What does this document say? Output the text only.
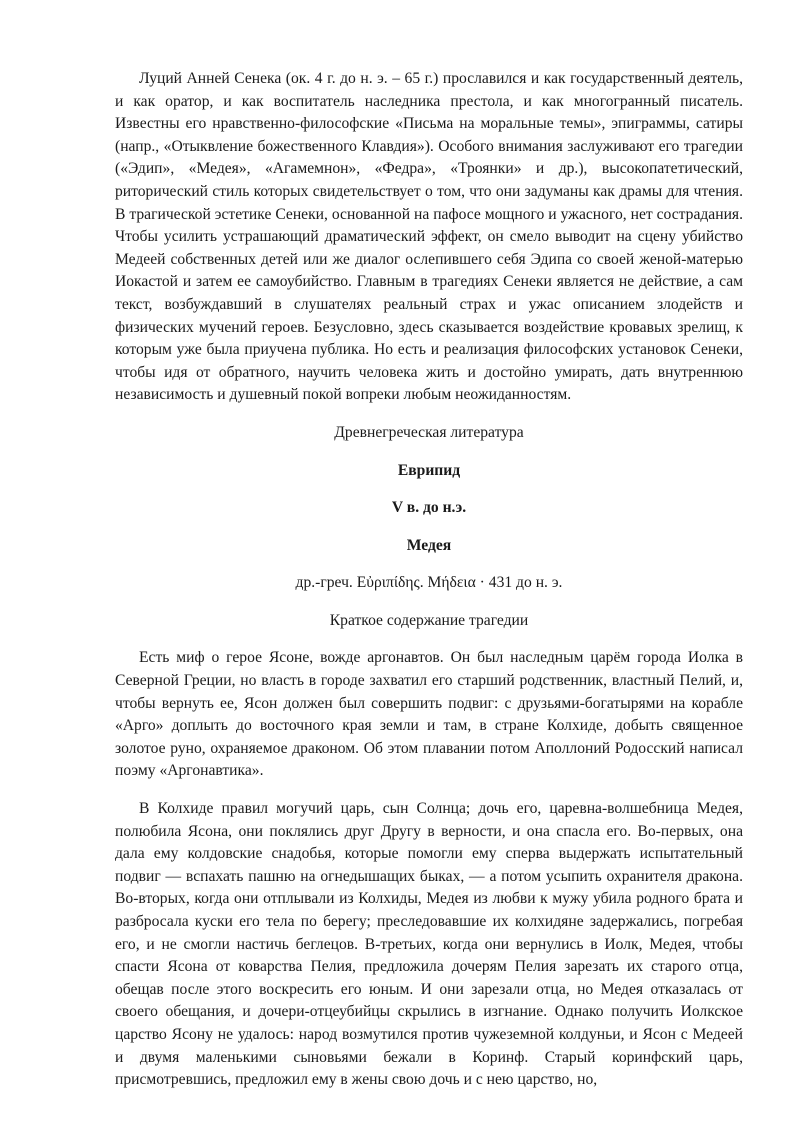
Луций Анней Сенека (ок. 4 г. до н. э. – 65 г.) прославился и как государственный деятель, и как оратор, и как воспитатель наследника престола, и как многогранный писатель. Известны его нравственно-философские «Письма на моральные темы», эпиграммы, сатиры (напр., «Отыквление божественного Клавдия»). Особого внимания заслуживают его трагедии («Эдип», «Медея», «Агамемнон», «Федра», «Троянки» и др.), высокопатетический, риторический стиль которых свидетельствует о том, что они задуманы как драмы для чтения. В трагической эстетике Сенеки, основанной на пафосе мощного и ужасного, нет сострадания. Чтобы усилить устрашающий драматический эффект, он смело выводит на сцену убийство Медеей собственных детей или же диалог ослепившего себя Эдипа со своей женой-матерью Иокастой и затем ее самоубийство. Главным в трагедиях Сенеки является не действие, а сам текст, возбуждавший в слушателях реальный страх и ужас описанием злодейств и физических мучений героев. Безусловно, здесь сказывается воздействие кровавых зрелищ, к которым уже была приучена публика. Но есть и реализация философских установок Сенеки, чтобы идя от обратного, научить человека жить и достойно умирать, дать внутреннюю независимость и душевный покой вопреки любым неожиданностям.

Древнегреческая литература

Еврипид

V в. до н.э.

Медея

др.-греч. Εὐριπίδης. Μήδεια · 431 до н. э.

Краткое содержание трагедии

Есть миф о герое Ясоне, вожде аргонавтов. Он был наследным царём города Иолка в Северной Греции, но власть в городе захватил его старший родственник, властный Пелий, и, чтобы вернуть ее, Ясон должен был совершить подвиг: с друзьями-богатырями на корабле «Арго» доплыть до восточного края земли и там, в стране Колхиде, добыть священное золотое руно, охраняемое драконом. Об этом плавании потом Аполлоний Родосский написал поэму «Аргонавтика».

В Колхиде правил могучий царь, сын Солнца; дочь его, царевна-волшебница Медея, полюбила Ясона, они поклялись друг Другу в верности, и она спасла его. Во-первых, она дала ему колдовские снадобья, которые помогли ему сперва выдержать испытательный подвиг — вспахать пашню на огнедышащих быках, — а потом усыпить охранителя дракона. Во-вторых, когда они отплывали из Колхиды, Медея из любви к мужу убила родного брата и разбросала куски его тела по берегу; преследовавшие их колхидяне задержались, погребая его, и не смогли настичь беглецов. В-третьих, когда они вернулись в Иолк, Медея, чтобы спасти Ясона от коварства Пелия, предложила дочерям Пелия зарезать их старого отца, обещав после этого воскресить его юным. И они зарезали отца, но Медея отказалась от своего обещания, и дочери-отцеубийцы скрылись в изгнание. Однако получить Иолкское царство Ясону не удалось: народ возмутился против чужеземной колдуньи, и Ясон с Медеей и двумя маленькими сыновьями бежали в Коринф. Старый коринфский царь, присмотревшись, предложил ему в жены свою дочь и с нею царство, но,
